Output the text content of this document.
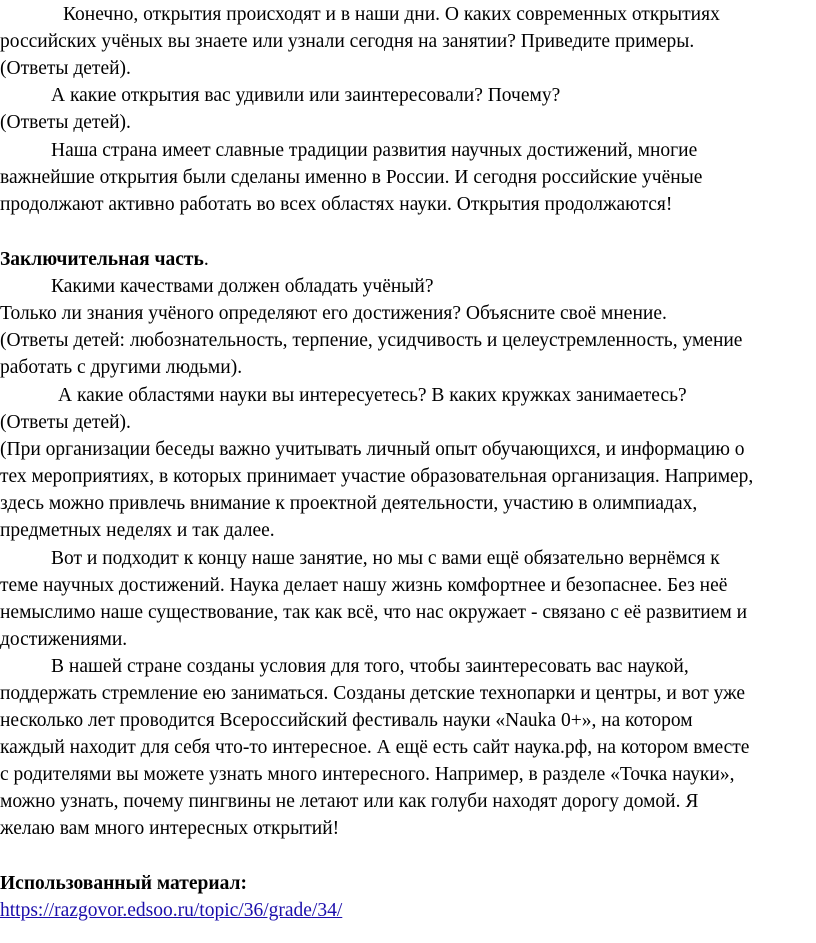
Конечно, открытия происходят и в наши дни. О каких современных открытиях
российских учёных вы знаете или узнали сегодня на занятии? Приведите примеры.
(Ответы детей).
А какие открытия вас удивили или заинтересовали? Почему?
(Ответы детей).
Наша страна имеет славные традиции развития научных достижений, многие
важнейшие открытия были сделаны именно в России. И сегодня российские учёные
продолжают активно работать во всех областях науки. Открытия продолжаются!
Заключительная часть.
Какими качествами должен обладать учёный?
Только ли знания учёного определяют его достижения? Объясните своё мнение.
(Ответы детей: любознательность, терпение, усидчивость и целеустремленность, умение
работать с другими людьми).
А какие областями науки вы интересуетесь? В каких кружках занимаетесь?
(Ответы детей).
(При организации беседы важно учитывать личный опыт обучающихся, и информацию о
тех мероприятиях, в которых принимает участие образовательная организация. Например,
здесь можно привлечь внимание к проектной деятельности, участию в олимпиадах,
предметных неделях и так далее.
Вот и подходит к концу наше занятие, но мы с вами ещё обязательно вернёмся к
теме научных достижений. Наука делает нашу жизнь комфортнее и безопаснее. Без неё
немыслимо наше существование, так как всё, что нас окружает - связано с её развитием и
достижениями.
В нашей стране созданы условия для того, чтобы заинтересовать вас наукой,
поддержать стремление ею заниматься. Созданы детские технопарки и центры, и вот уже
несколько лет проводится Всероссийский фестиваль науки «Nauka 0+», на котором
каждый находит для себя что-то интересное. А ещё есть сайт наука.рф, на котором вместе
с родителями вы можете узнать много интересного. Например, в разделе «Точка науки»,
можно узнать, почему пингвины не летают или как голуби находят дорогу домой. Я
желаю вам много интересных открытий!
Использованный материал:
https://razgovor.edsoo.ru/topic/36/grade/34/
